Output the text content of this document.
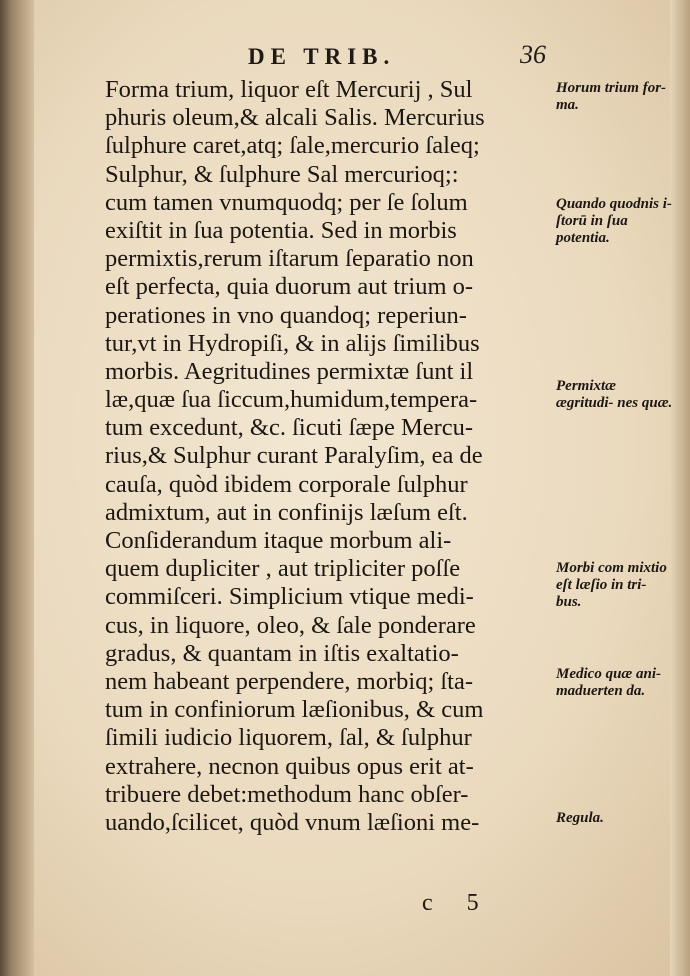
DE TRIB.	36
Forma trium, liquor eſt Mercurij , Sul
phuris oleum,& alcali Salis. Mercurius
ſulphure caret,atq; ſale,mercurio ſaleq;
Sulphur, & ſulphure Sal mercurioq;:
cum tamen vnumquodq; per ſe ſolum
exiſtit in ſua potentia. Sed in morbis
permixtis,rerum iſtarum ſeparatio non
eſt perfecta, quia duorum aut trium o-
perationes in vno quandoq; reperiun-
tur,vt in Hydropiſi, & in alijs ſimilibus
morbis. Aegritudines permixtæ ſunt il
læ,quæ ſua ſiccum,humidum,tempera-
tum excedunt, &c. ſicuti ſæpe Mercu-
rius,& Sulphur curant Paralyſim, ea de
cauſa, quòd ibidem corporale ſulphur
admixtum, aut in confinijs læſum eſt.
Conſiderandum itaque morbum ali-
quem dupliciter , aut tripliciter poſſe
commiſceri. Simplicium vtique medi-
cus, in liquore, oleo, & ſale ponderare
gradus, & quantam in iſtis exaltatio-
nem habeant perpendere, morbiq; ſta-
tum in confiniorum læſionibus, & cum
ſimili iudicio liquorem, ſal, & ſulphur
extrahere, necnon quibus opus erit at-
tribuere debet:methodum hanc obſer-
uando,ſcilicet, quòd vnum læſioni me-
Horum trium for- ma.
Quando quodnis i- ſtorū in ſua potentia.
Permixtæ ægritudi- nes quæ.
Morbi com mixtio eſt læſio in tri- bus.
Medico quæ ani- maduerten da.
Regula.
c 5
